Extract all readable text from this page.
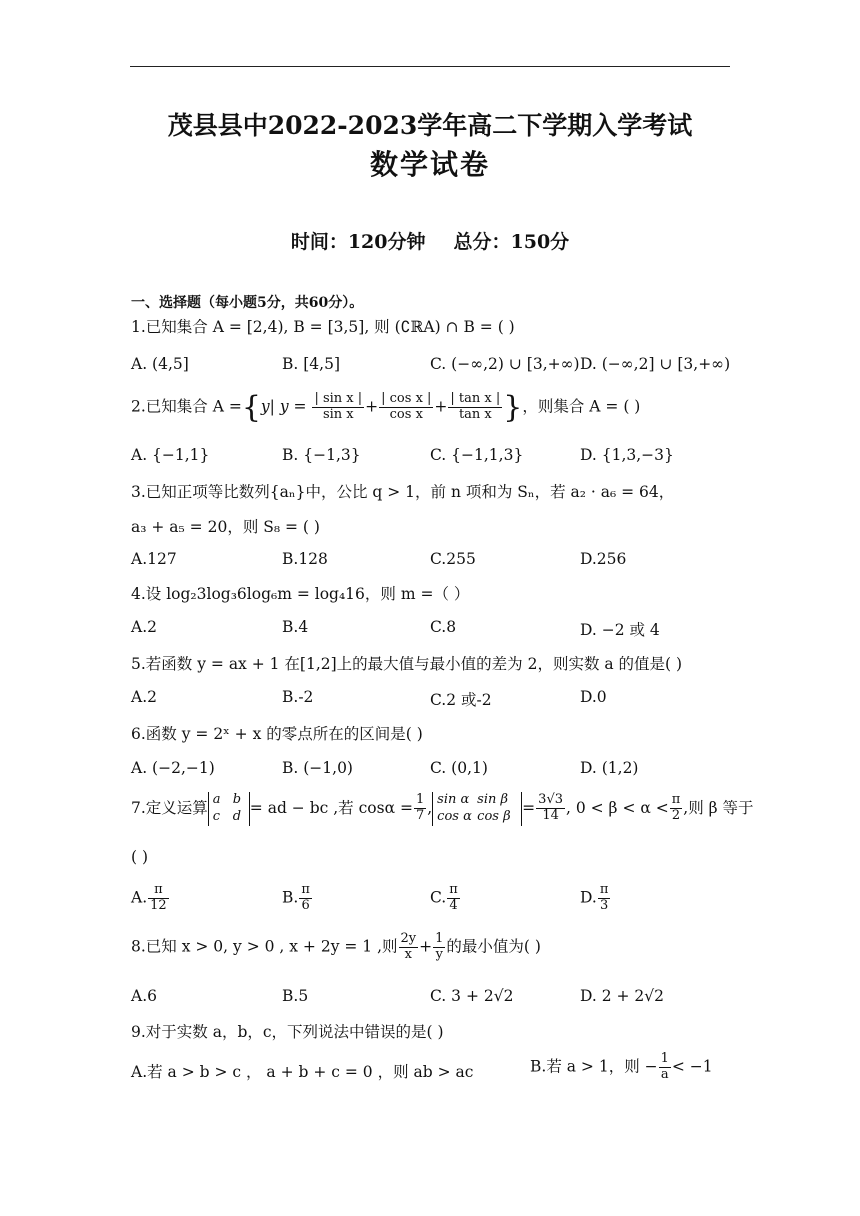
茂县县中2022-2023学年高二下学期入学考试
数学试卷
时间：120分钟 总分：150分
一、选择题（每小题5分，共60分）。
1.已知集合 A = [2,4), B = [3,5], 则 (∁ℝA) ∩ B = ( )
A. (4,5]	B. [4,5]	C. (−∞,2) ∪ [3,+∞) D. (−∞,2] ∪ [3,+∞)
2.已知集合 A ={y| $y = \frac{\text{| sin x |}}{\text{sin x}} + \frac{\text{| cos x |}}{\text{cos x}} + \frac{\text{| tan x |}}{\text{tan x}}$ }，则集合 A = ( )
A. {−1,1}	B. {−1,3}	C. {−1,1,3}	D. {1,3,−3}
3.已知正项等比数列{aₙ}中，公比 q > 1，前 n 项和为 Sₙ，若 a₂ · a₆ = 64，
a₃ + a₅ = 20，则 S₈ = ( )
A.127	B.128	C.255	D.256
4.设 log₂3log₃6log₆m = log₄16，则 m =（ ）
A.2	B.4	C.8	D. −2 或 4
5.若函数 y = ax + 1 在[1,2]上的最大值与最小值的差为 2，则实数 a 的值是( )
A.2	B.-2	C.2 或-2	D.0
6.函数 y = 2ˣ + x 的零点所在的区间是( )
A. (−2,−1)	B. (−1,0)	C. (0,1)	D. (1,2)
7.定义运算 a b
c d = ad − bc ,若 $\cos\alpha = \frac{1}{7}$ , sin α sin β
cos α $\cos \beta = \frac{3√3}{14}$ , $0 < \beta < \alpha < \frac{\pi}{2}$ ,则 β 等于
( )
A. $\frac{\pi}{12}$	B. $\frac{\pi}{6}$	C. $\frac{\pi}{4}$	D. $\frac{\pi}{3}$
8.已知 x > 0, y > 0 , x + 2y = 1 ,则 $\frac{2y}{x} + \frac{1}{y}$ 的最小值为( )
A.6	B.5	C. 3 + 2√2	D. 2 + 2√2
9.对于实数 a，b，c，下列说法中错误的是( )
A.若 a > b > c ， a + b + c = 0 ，则 ab > ac	B.若 a > 1，则 − $\frac{1}{a} < -1$
